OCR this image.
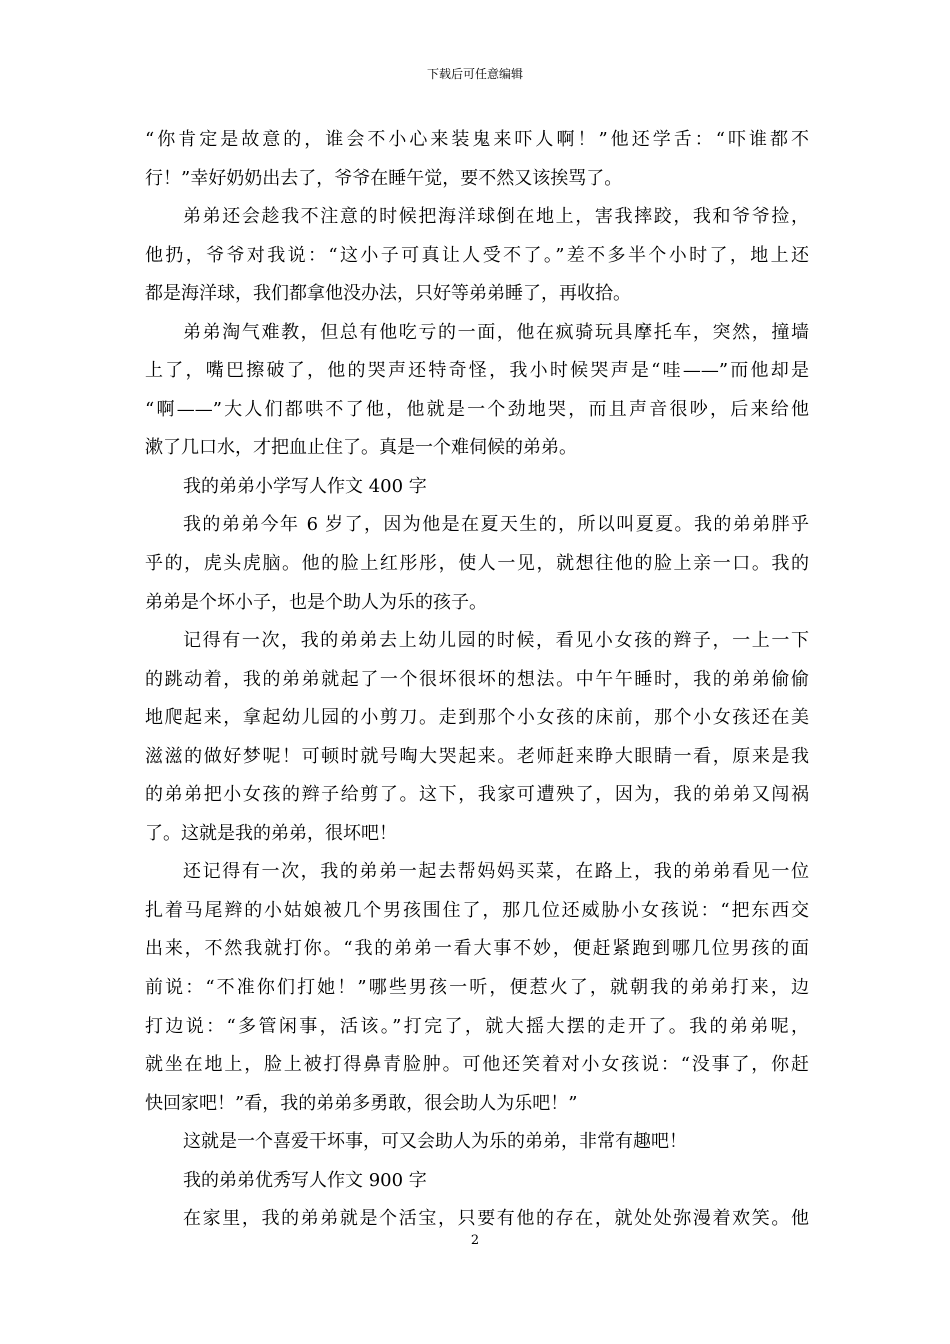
下载后可任意编辑
“你肯定是故意的，谁会不小心来装鬼来吓人啊！”他还学舌：“吓谁都不
行！”幸好奶奶出去了，爷爷在睡午觉，要不然又该挨骂了。
弟弟还会趁我不注意的时候把海洋球倒在地上，害我摔跤，我和爷爷捡，
他扔，爷爷对我说：“这小子可真让人受不了。”差不多半个小时了，地上还
都是海洋球，我们都拿他没办法，只好等弟弟睡了，再收拾。
弟弟淘气难教，但总有他吃亏的一面，他在疯骑玩具摩托车，突然，撞墙
上了，嘴巴擦破了，他的哭声还特奇怪，我小时候哭声是“哇——”而他却是
“啊——”大人们都哄不了他，他就是一个劲地哭，而且声音很吵，后来给他
漱了几口水，才把血止住了。真是一个难伺候的弟弟。
我的弟弟小学写人作文 400 字
我的弟弟今年 6 岁了，因为他是在夏天生的，所以叫夏夏。我的弟弟胖乎
乎的，虎头虎脑。他的脸上红彤彤，使人一见，就想往他的脸上亲一口。我的
弟弟是个坏小子，也是个助人为乐的孩子。
记得有一次，我的弟弟去上幼儿园的时候，看见小女孩的辫子，一上一下
的跳动着，我的弟弟就起了一个很坏很坏的想法。中午午睡时，我的弟弟偷偷
地爬起来，拿起幼儿园的小剪刀。走到那个小女孩的床前，那个小女孩还在美
滋滋的做好梦呢！可顿时就号啕大哭起来。老师赶来睁大眼睛一看，原来是我
的弟弟把小女孩的辫子给剪了。这下，我家可遭殃了，因为，我的弟弟又闯祸
了。这就是我的弟弟，很坏吧！
还记得有一次，我的弟弟一起去帮妈妈买菜，在路上，我的弟弟看见一位
扎着马尾辫的小姑娘被几个男孩围住了，那几位还威胁小女孩说：“把东西交
出来，不然我就打你。“我的弟弟一看大事不妙，便赶紧跑到哪几位男孩的面
前说：“不准你们打她！”哪些男孩一听，便惹火了，就朝我的弟弟打来，边
打边说：“多管闲事，活该。”打完了，就大摇大摆的走开了。我的弟弟呢，
就坐在地上，脸上被打得鼻青脸肿。可他还笑着对小女孩说：“没事了，你赶
快回家吧！”看，我的弟弟多勇敢，很会助人为乐吧！”
这就是一个喜爱干坏事，可又会助人为乐的弟弟，非常有趣吧！
我的弟弟优秀写人作文 900 字
在家里，我的弟弟就是个活宝，只要有他的存在，就处处弥漫着欢笑。他
2
